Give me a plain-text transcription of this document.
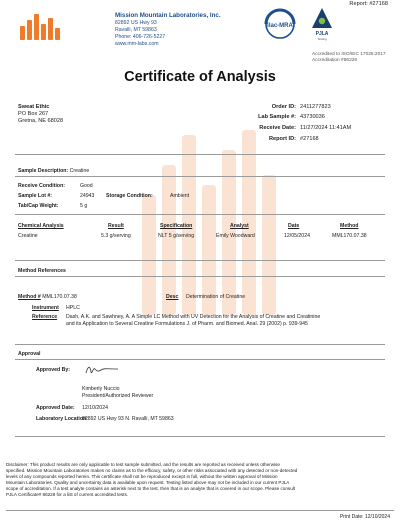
Report: #27168
Mission Mountain Laboratories, Inc.
82892 US Hwy 93
Ravalli, MT 59863
Phone: 406-726-5227
www.mm-labs.com
ilac-MRA
PJLA
Testing
Accredited to ISO/IEC 17025:2017
Accreditation #86228
Certificate of Analysis
Sweat Ethic
PO Box 267
Gretna, NE 68028
Order ID: 2411277823
Lab Sample #: 43730036
Receive Date: 11/27/2024 11:41AM
Report ID: #27168
Sample Description: Creatine
Receive Condition:	Good
Sample Lot #:	24943 Storage Condition:	Ambient
Tab/Cap Weight:	5 g
Chemical Analysis	Result	Specification	Analyst	Date	Method
Creatine	5.3 g/serving	NLT 5 g/serving	Emily Woodward	12/05/2024	MML170.07.38
Method References
Method # MML170.07.38	Desc Determination of Creatine
Instrument HPLC
Reference Dash, A.K. and Sawhney, A. A Simple LC Method with UV Detection for the Analysis of Creatine and Creatinine
and its Application to Several Creatine Formulations J. of Pharm. and Biomed. Anal. 29 (2002) p. 939-945
Approval
Approved By:
Kimberly Nuccio
President/Authorized Reviewer
Approved Date: 12/10/2024
Laboratory Location:
82892 US Hwy 93 N. Ravalli, MT 59863
Disclaimer: This product results are only applicable to test sample submitted, and the results are reported as received unless otherwise
specified. Mission Mountain Laboratories makes no claims as to the efficacy, safety, or other risks associated with any detected or non-detected
levels of any compounds reported herein. This certificate shall not be reproduced except in full, without the written approval of Mission
Mountain Laboratories. Quality and uncertainty data is available upon request. Testing listed above may not be included in our current PJLA
scope of accreditation. If a test analyte contains an asterisk next to the test, then that is an analyte that is covered in our scope. Please consult
PJLA Certificate# 86228 for a list of current accredited tests.
Print Date: 12/10/2024
